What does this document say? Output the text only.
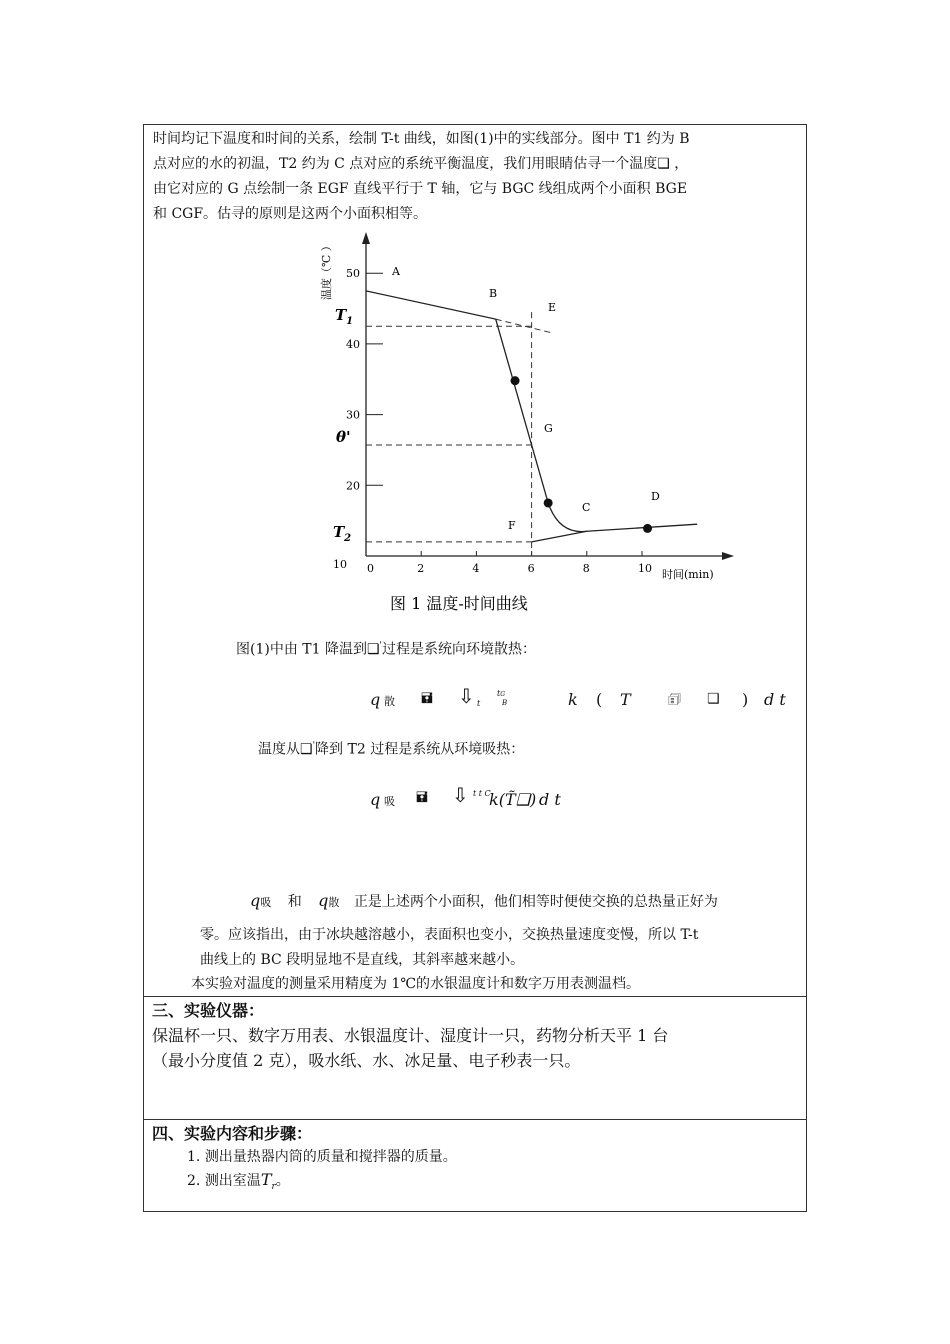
时间均记下温度和时间的关系，绘制 T-t 曲线，如图(1)中的实线部分。图中 T1 约为 B
点对应的水的初温，T2 约为 C 点对应的系统平衡温度，我们用眼睛估寻一个温度❑ ，
由它对应的 G 点绘制一条 EGF 直线平行于 T 轴，它与 BGC 线组成两个小面积 BGE
和 CGF。估寻的原则是这两个小面积相等。
50
40
30
20
10 0	2	4	6	8	10
温度（℃ ）
时间(min)
$T_1$
θ'
$T_2$
A
B
E
G
F
C
D
图 1 温度-时间曲线
图(1)中由 T1 降温到❑'过程是系统向环境散热：
q 散 🖬 ⇩ t
tG
B	k ( T	🗊 ❑ ) d t
温度从❑'降到 T2 过程是系统从环境吸热：
q 吸 🖬 ⇩ t t C
k(T̃❑) d t
q吸 和 q散 正是上述两个小面积，他们相等时便使交换的总热量正好为
零。应该指出，由于冰块越溶越小，表面积也变小，交换热量速度变慢，所以 T-t
曲线上的 BC 段明显地不是直线，其斜率越来越小。
本实验对温度的测量采用精度为 1℃的水银温度计和数字万用表测温档。
三、实验仪器：
保温杯一只、数字万用表、水银温度计、湿度计一只，药物分析天平 1 台
（最小分度值 2 克），吸水纸、水、冰足量、电子秒表一只。
四、实验内容和步骤：
1. 测出量热器内筒的质量和搅拌器的质量。
2. 测出室温$T_r$。
